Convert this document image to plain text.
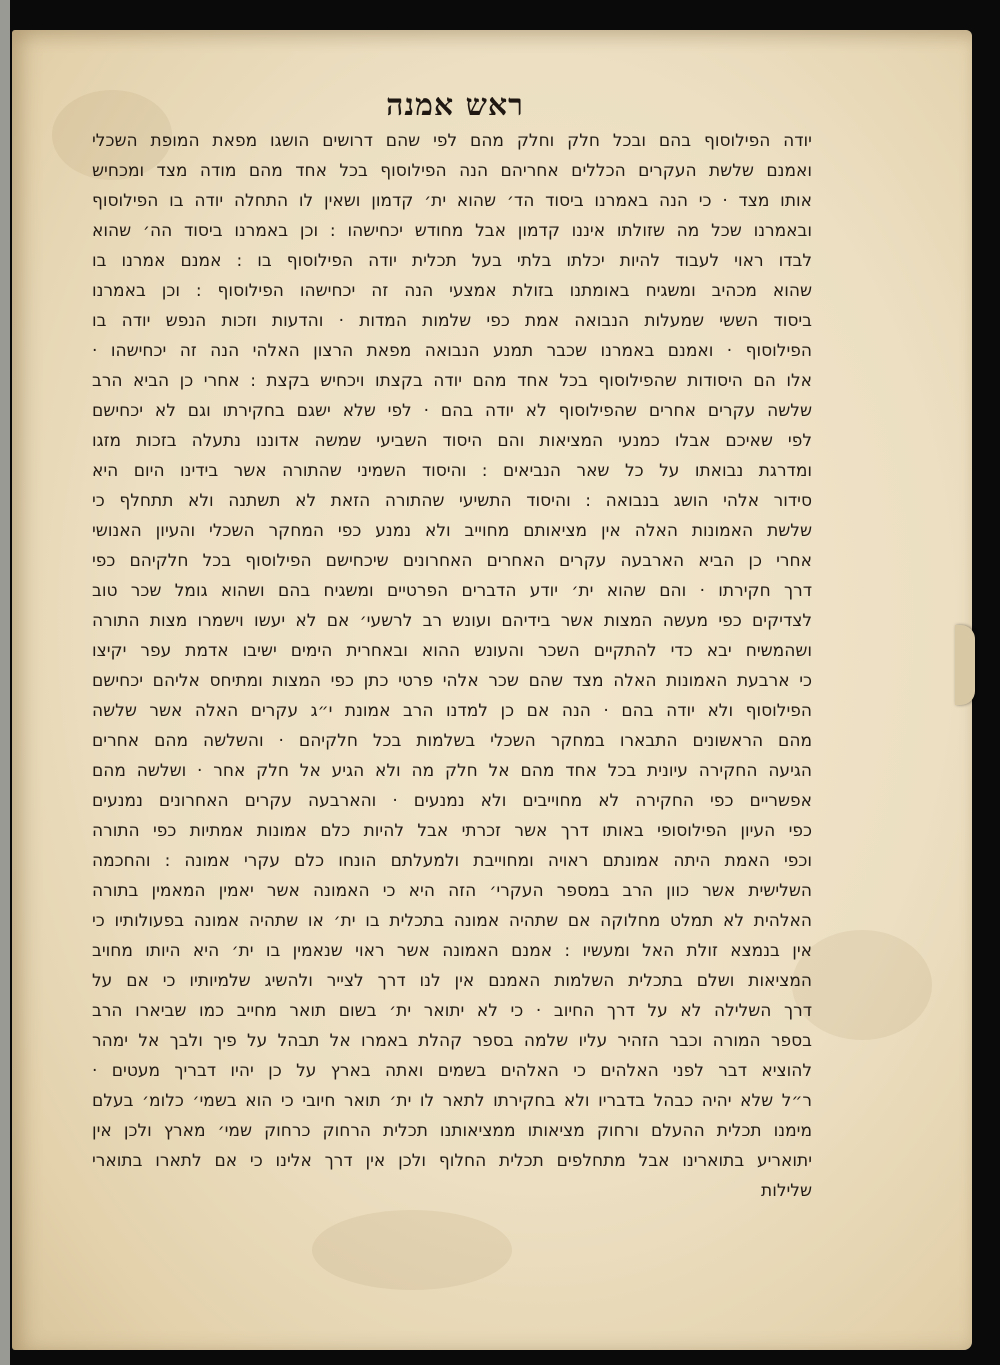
ראש אמנה
יודה הפילוסוף בהם ובכל חלק וחלק מהם לפי שהם דרושים הושגו מפאת המופת השכלי
ואמנם שלשת העקרים הכללים אחריהם הנה הפילוסוף בכל אחד מהם מודה מצד ומכחיש
אותו מצד · כי הנה באמרנו ביסוד הד׳ שהוא ית׳ קדמון ושאין לו התחלה יודה בו הפילוסוף
ובאמרנו שכל מה שזולתו איננו קדמון אבל מחודש יכחישהו : וכן באמרנו ביסוד הה׳ שהוא
לבדו ראוי לעבוד להיות יכלתו בלתי בעל תכלית יודה הפילוסוף בו : אמנם אמרנו בו
שהוא מכהיב ומשגיח באומתנו בזולת אמצעי הנה זה יכחישהו הפילוסוף : וכן באמרנו
ביסוד הששי שמעלות הנבואה אמת כפי שלמות המדות · והדעות וזכות הנפש יודה בו
הפילוסוף · ואמנם באמרנו שכבר תמנע הנבואה מפאת הרצון האלהי הנה זה יכחישהו ·
אלו הם היסודות שהפילוסוף בכל אחד מהם יודה בקצתו ויכחיש בקצת : אחרי כן הביא הרב
שלשה עקרים אחרים שהפילוסוף לא יודה בהם · לפי שלא ישגם בחקירתו וגם לא יכחישם
לפי שאיכם אבלו כמנעי המציאות והם היסוד השביעי שמשה אדוננו נתעלה בזכות מזגו
ומדרגת נבואתו על כל שאר הנביאים : והיסוד השמיני שהתורה אשר בידינו היום היא
סידור אלהי הושג בנבואה : והיסוד התשיעי שהתורה הזאת לא תשתנה ולא תתחלף כי
שלשת האמונות האלה אין מציאותם מחוייב ולא נמנע כפי המחקר השכלי והעיון האנושי
אחרי כן הביא הארבעה עקרים האחרים האחרונים שיכחישם הפילוסוף בכל חלקיהם כפי
דרך חקירתו · והם שהוא ית׳ יודע הדברים הפרטיים ומשגיח בהם ושהוא גומל שכר טוב
לצדיקים כפי מעשה המצות אשר בידיהם ועונש רב לרשעי׳ אם לא יעשו וישמרו מצות התורה
ושהמשיח יבא כדי להתקיים השכר והעונש ההוא ובאחרית הימים ישיבו אדמת עפר יקיצו
כי ארבעת האמונות האלה מצד שהם שכר אלהי פרטי כתן כפי המצות ומתיחס אליהם יכחישם
הפילוסוף ולא יודה בהם · הנה אם כן למדנו הרב אמונת י״ג עקרים האלה אשר שלשה
מהם הראשונים התבארו במחקר השכלי בשלמות בכל חלקיהם · והשלשה מהם אחרים
הגיעה החקירה עיונית בכל אחד מהם אל חלק מה ולא הגיע אל חלק אחר · ושלשה מהם
אפשריים כפי החקירה לא מחוייבים ולא נמנעים · והארבעה עקרים האחרונים נמנעים
כפי העיון הפילוסופי באותו דרך אשר זכרתי אבל להיות כלם אמונות אמתיות כפי התורה
וכפי האמת היתה אמונתם ראויה ומחוייבת ולמעלתם הונחו כלם עקרי אמונה : והחכמה
השלישית אשר כוון הרב במספר העקרי׳ הזה היא כי האמונה אשר יאמין המאמין בתורה
האלהית לא תמלט מחלוקה אם שתהיה אמונה בתכלית בו ית׳ או שתהיה אמונה בפעולותיו כי
אין בנמצא זולת האל ומעשיו : אמנם האמונה אשר ראוי שנאמין בו ית׳ היא היותו מחויב
המציאות ושלם בתכלית השלמות האמנם אין לנו דרך לצייר ולהשיג שלמיותיו כי אם על
דרך השלילה לא על דרך החיוב · כי לא יתואר ית׳ בשום תואר מחייב כמו שביארו הרב
בספר המורה וכבר הזהיר עליו שלמה בספר קהלת באמרו אל תבהל על פיך ולבך אל ימהר
להוציא דבר לפני האלהים כי האלהים בשמים ואתה בארץ על כן יהיו דבריך מעטים ·
ר״ל שלא יהיה כבהל בדבריו ולא בחקירתו לתאר לו ית׳ תואר חיובי כי הוא בשמי׳ כלומ׳ בעלם
מימנו תכלית ההעלם ורחוק מציאותו ממציאותנו תכלית הרחוק כרחוק שמי׳ מארץ ולכן אין
יתואריע בתוארינו אבל מתחלפים תכלית החלוף ולכן אין דרך אלינו כי אם לתארו בתוארי
שלילות
